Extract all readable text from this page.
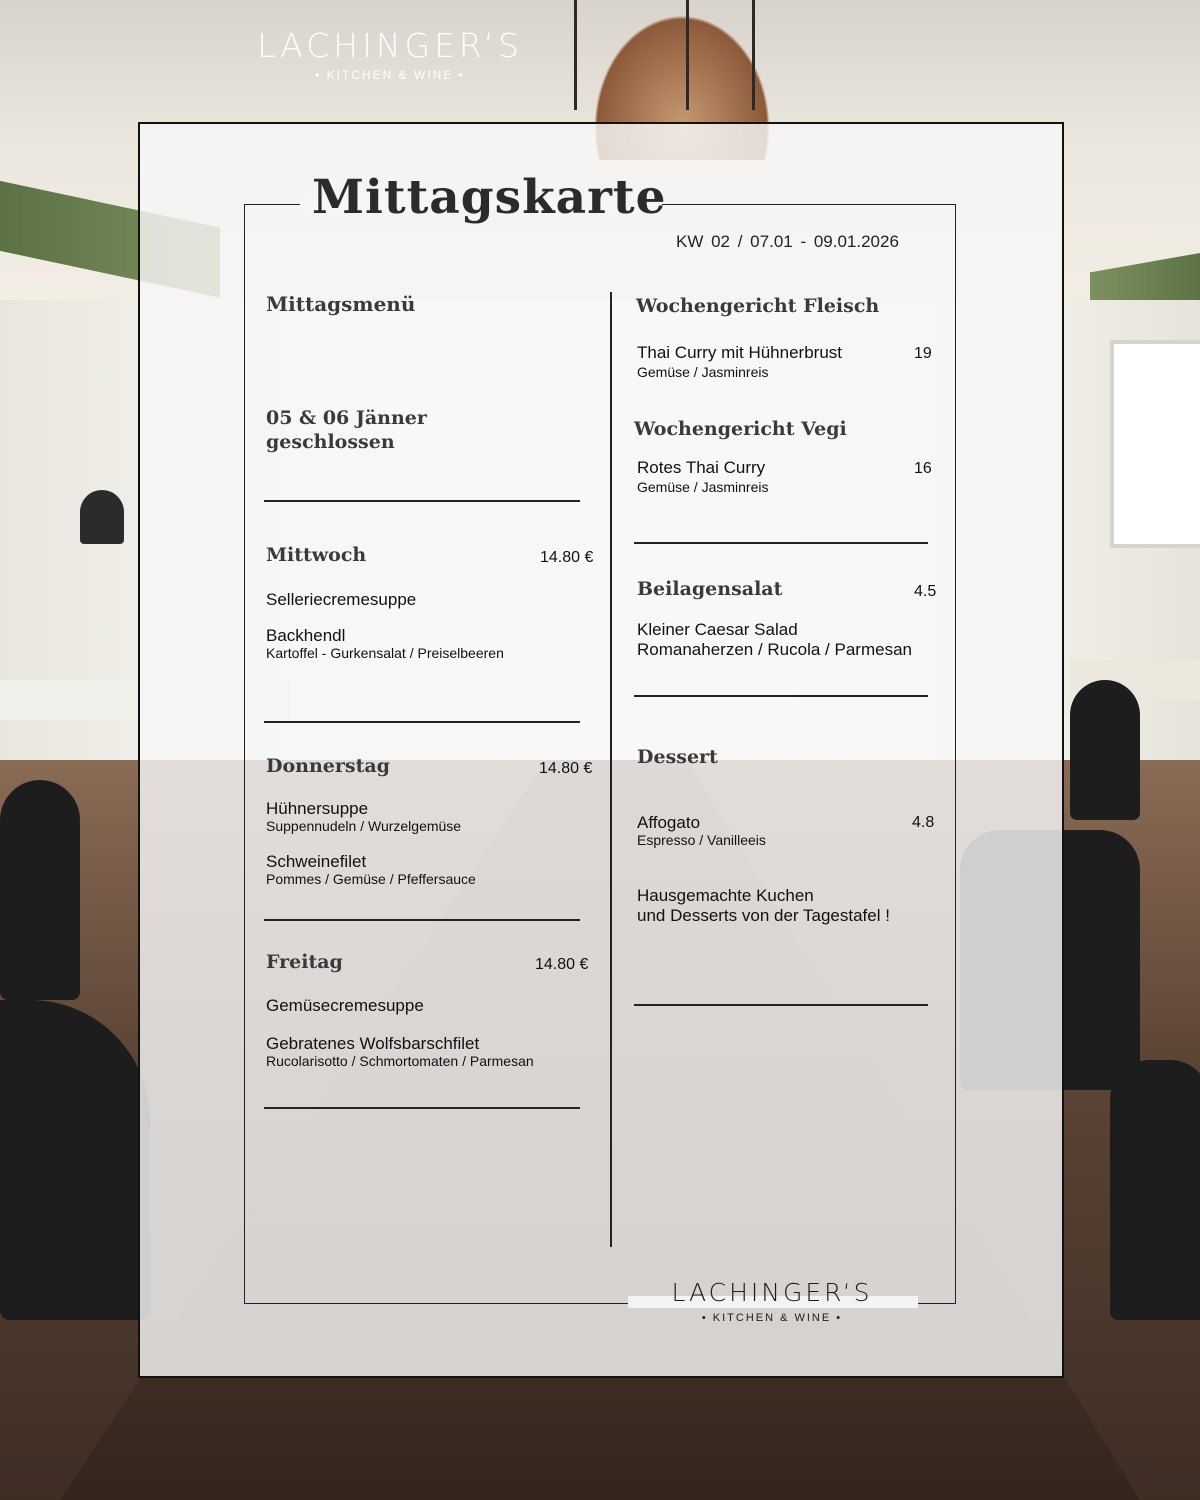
LACHINGER‘S
• KITCHEN & WINE •
Mittagskarte
KW 02 / 07.01 - 09.01.2026
Mittagsmenü
05 & 06 Jänner
geschlossen
Mittwoch	14.80 €
Selleriecremesuppe
Backhendl
Kartoffel - Gurkensalat / Preiselbeeren
Donnerstag	14.80 €
Hühnersuppe
Suppennudeln / Wurzelgemüse
Schweinefilet
Pommes / Gemüse / Pfeffersauce
Freitag	14.80 €
Gemüsecremesuppe
Gebratenes Wolfsbarschfilet
Rucolarisotto / Schmortomaten / Parmesan
Wochengericht Fleisch
Thai Curry mit Hühnerbrust
Gemüse / Jasminreis
19
Wochengericht Vegi
Rotes Thai Curry
Gemüse / Jasminreis
16
Beilagensalat	4.5
Kleiner Caesar Salad
Romanaherzen / Rucola / Parmesan
Dessert
Affogato
Espresso / Vanilleeis
4.8
Hausgemachte Kuchen
und Desserts von der Tagestafel !
LACHINGER‘S
• KITCHEN & WINE •
